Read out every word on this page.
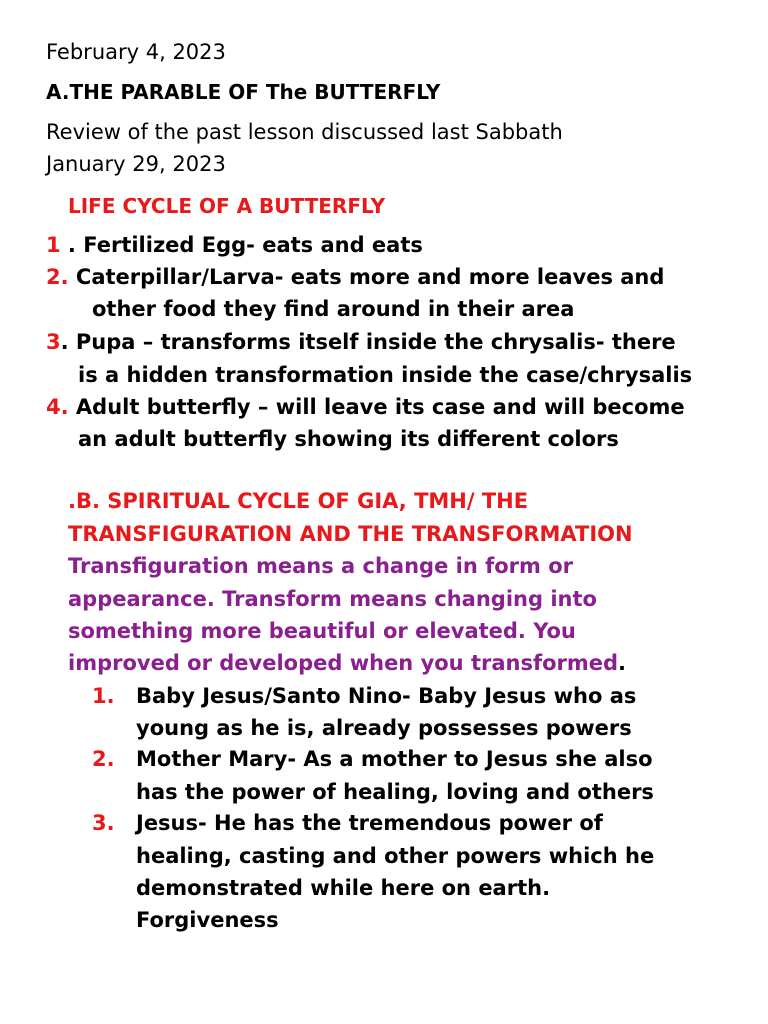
February 4, 2023
A.THE PARABLE OF The BUTTERFLY
Review of the past lesson discussed last Sabbath
January 29, 2023
LIFE CYCLE OF A BUTTERFLY
1 . Fertilized Egg- eats and eats
2. Caterpillar/Larva- eats more and more leaves and
other food they find around in their area
3. Pupa – transforms itself inside the chrysalis- there
is a hidden transformation inside the case/chrysalis
4. Adult butterfly – will leave its case and will become
an adult butterfly showing its different colors
.B. SPIRITUAL CYCLE OF GIA, TMH/ THE
TRANSFIGURATION AND THE TRANSFORMATION
Transfiguration means a change in form or
appearance. Transform means changing into
something more beautiful or elevated. You
improved or developed when you transformed.
1. Baby Jesus/Santo Nino- Baby Jesus who as
young as he is, already possesses powers
2. Mother Mary- As a mother to Jesus she also
has the power of healing, loving and others
3. Jesus- He has the tremendous power of
healing, casting and other powers which he
demonstrated while here on earth.
Forgiveness
